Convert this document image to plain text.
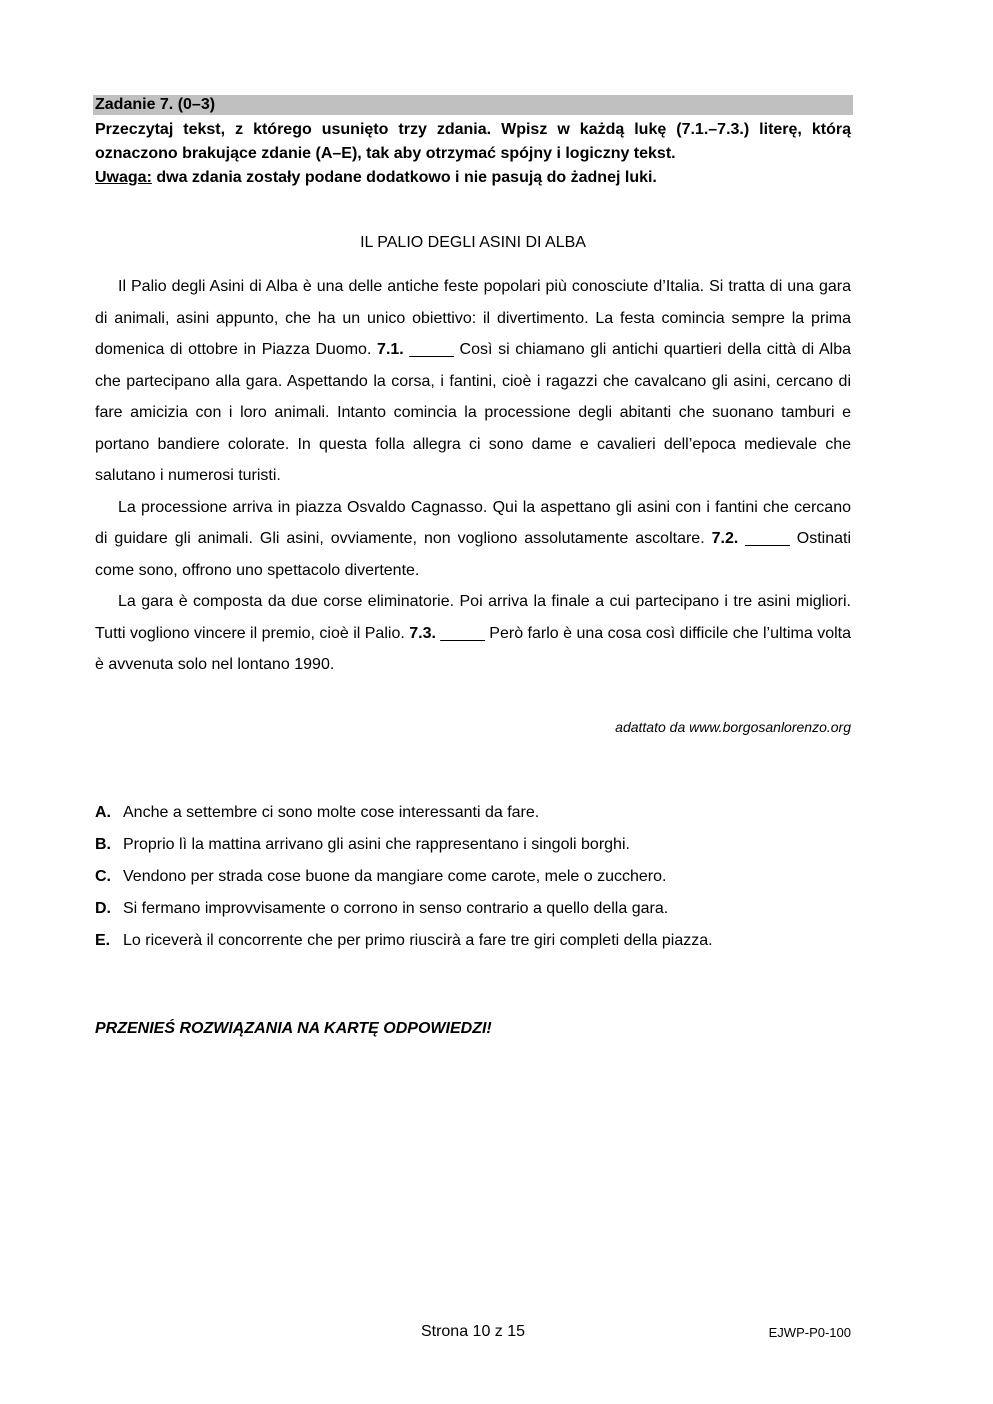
Zadanie 7. (0–3)

Przeczytaj tekst, z którego usunięto trzy zdania. Wpisz w każdą lukę (7.1.–7.3.) literę, którą oznaczono brakujące zdanie (A–E), tak aby otrzymać spójny i logiczny tekst.

Uwaga: dwa zdania zostały podane dodatkowo i nie pasują do żadnej luki.

IL PALIO DEGLI ASINI DI ALBA

Il Palio degli Asini di Alba è una delle antiche feste popolari più conosciute d’Italia. Si tratta di una gara di animali, asini appunto, che ha un unico obiettivo: il divertimento. La festa comincia sempre la prima domenica di ottobre in Piazza Duomo. 7.1. _____ Così si chiamano gli antichi quartieri della città di Alba che partecipano alla gara. Aspettando la corsa, i fantini, cioè i ragazzi che cavalcano gli asini, cercano di fare amicizia con i loro animali. Intanto comincia la processione degli abitanti che suonano tamburi e portano bandiere colorate. In questa folla allegra ci sono dame e cavalieri dell’epoca medievale che salutano i numerosi turisti.

La processione arriva in piazza Osvaldo Cagnasso. Qui la aspettano gli asini con i fantini che cercano di guidare gli animali. Gli asini, ovviamente, non vogliono assolutamente ascoltare. 7.2. _____ Ostinati come sono, offrono uno spettacolo divertente.

La gara è composta da due corse eliminatorie. Poi arriva la finale a cui partecipano i tre asini migliori. Tutti vogliono vincere il premio, cioè il Palio. 7.3. _____ Però farlo è una cosa così difficile che l’ultima volta è avvenuta solo nel lontano 1990.

adattato da www.borgosanlorenzo.org
A. Anche a settembre ci sono molte cose interessanti da fare.
B. Proprio lì la mattina arrivano gli asini che rappresentano i singoli borghi.
C. Vendono per strada cose buone da mangiare come carote, mele o zucchero.
D. Si fermano improvvisamente o corrono in senso contrario a quello della gara.
E. Lo riceverà il concorrente che per primo riuscirà a fare tre giri completi della piazza.
PRZENIEŚ ROZWIĄZANIA NA KARTĘ ODPOWIEDZI!
Strona 10 z 15	EJWP-P0-100
